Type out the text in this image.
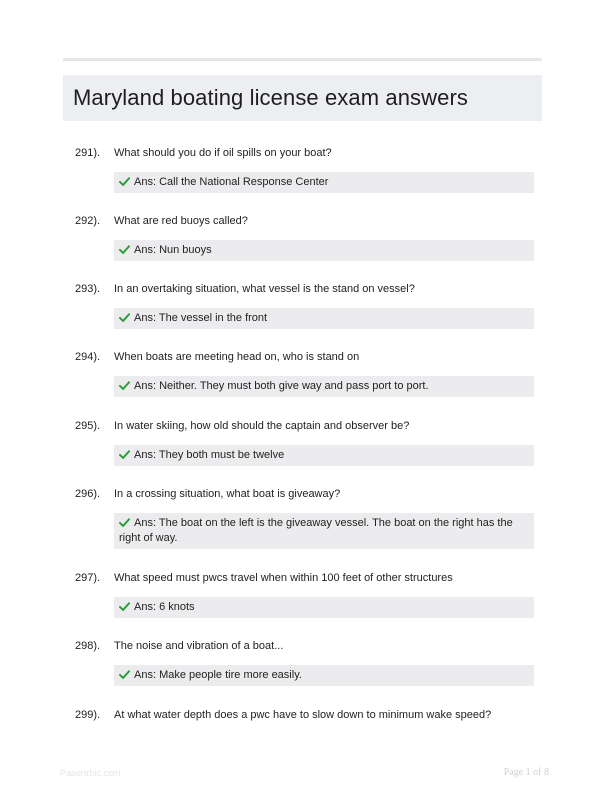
Maryland boating license exam answers
291).	What should you do if oil spills on your boat?
Ans: Call the National Response Center
292).	What are red buoys called?
Ans: Nun buoys
293).	In an overtaking situation, what vessel is the stand on vessel?
Ans: The vessel in the front
294).	When boats are meeting head on, who is stand on
Ans: Neither. They must both give way and pass port to port.
295).	In water skiing, how old should the captain and observer be?
Ans: They both must be twelve
296).	In a crossing situation, what boat is giveaway?
Ans: The boat on the left is the giveaway vessel. The boat on the right has the right of way.
297).	What speed must pwcs travel when within 100 feet of other structures
Ans: 6 knots
298).	The noise and vibration of a boat...
Ans: Make people tire more easily.
299).	At what water depth does a pwc have to slow down to minimum wake speed?
Papertrbic.com	Page 1 of 8
